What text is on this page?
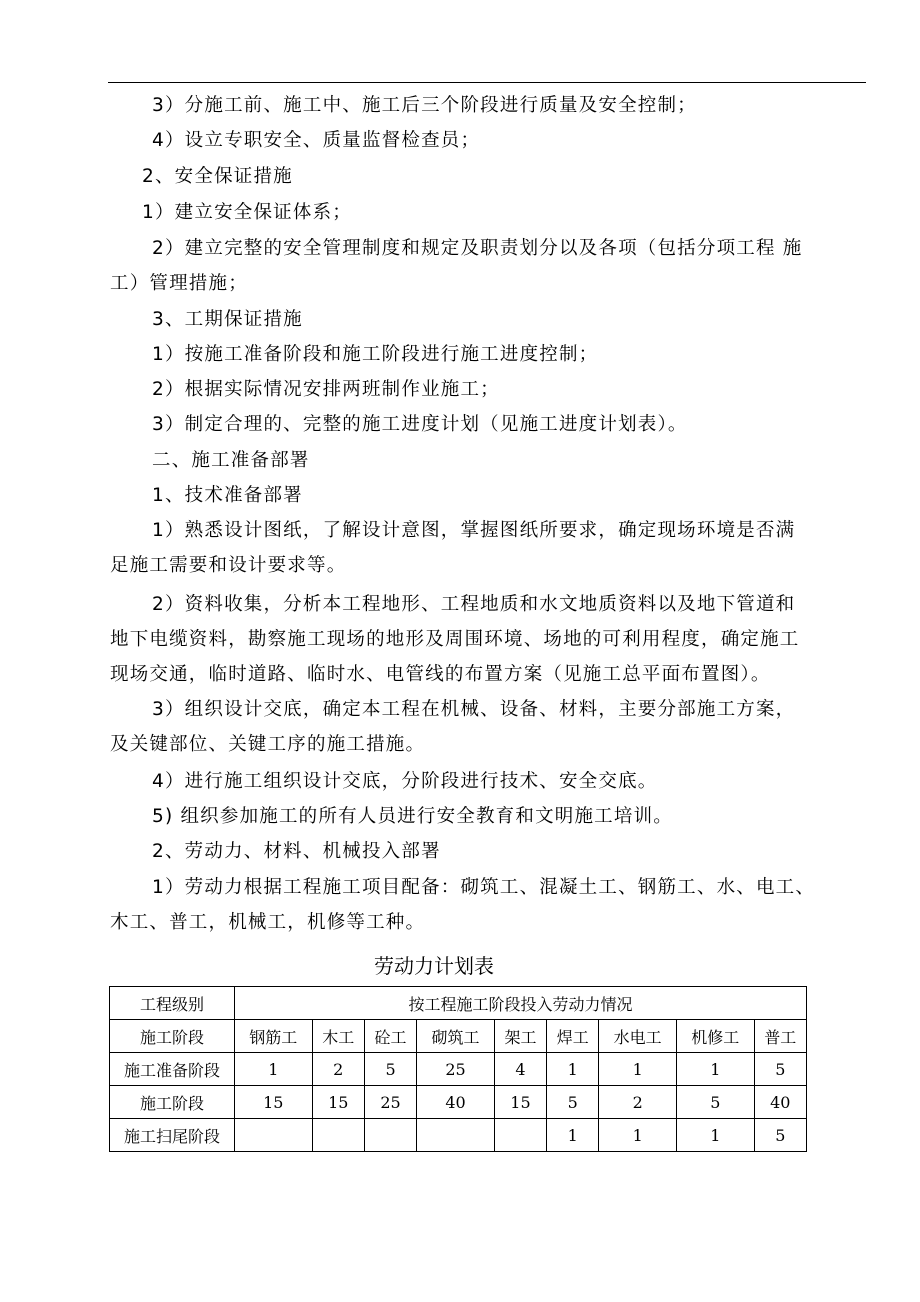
3）分施工前、施工中、施工后三个阶段进行质量及安全控制；
4）设立专职安全、质量监督检查员；
2、安全保证措施
1）建立安全保证体系；
2）建立完整的安全管理制度和规定及职责划分以及各项（包括分项工程 施
工）管理措施；
3、工期保证措施
1）按施工准备阶段和施工阶段进行施工进度控制；
2）根据实际情况安排两班制作业施工；
3）制定合理的、完整的施工进度计划（见施工进度计划表）。
二、施工准备部署
1、技术准备部署
1）熟悉设计图纸，了解设计意图，掌握图纸所要求，确定现场环境是否满
足施工需要和设计要求等。
2）资料收集，分析本工程地形、工程地质和水文地质资料以及地下管道和
地下电缆资料，勘察施工现场的地形及周围环境、场地的可利用程度，确定施工
现场交通，临时道路、临时水、电管线的布置方案（见施工总平面布置图）。
3）组织设计交底，确定本工程在机械、设备、材料，主要分部施工方案，
及关键部位、关键工序的施工措施。
4）进行施工组织设计交底，分阶段进行技术、安全交底。
5) 组织参加施工的所有人员进行安全教育和文明施工培训。
2、劳动力、材料、机械投入部署
1）劳动力根据工程施工项目配备：砌筑工、混凝土工、钢筋工、水、电工、
木工、普工，机械工，机修等工种。
劳动力计划表
工程级别	按工程施工阶段投入劳动力情况								
施工阶段	钢筋工	木工	砼工	砌筑工	架工	焊工	水电工	机修工	普工
施工准备阶段	1	2	5	25	4	1	1	1	5
施工阶段	15	15	25	40	15	5	2	5	40
施工扫尾阶段						1	1	1	5
